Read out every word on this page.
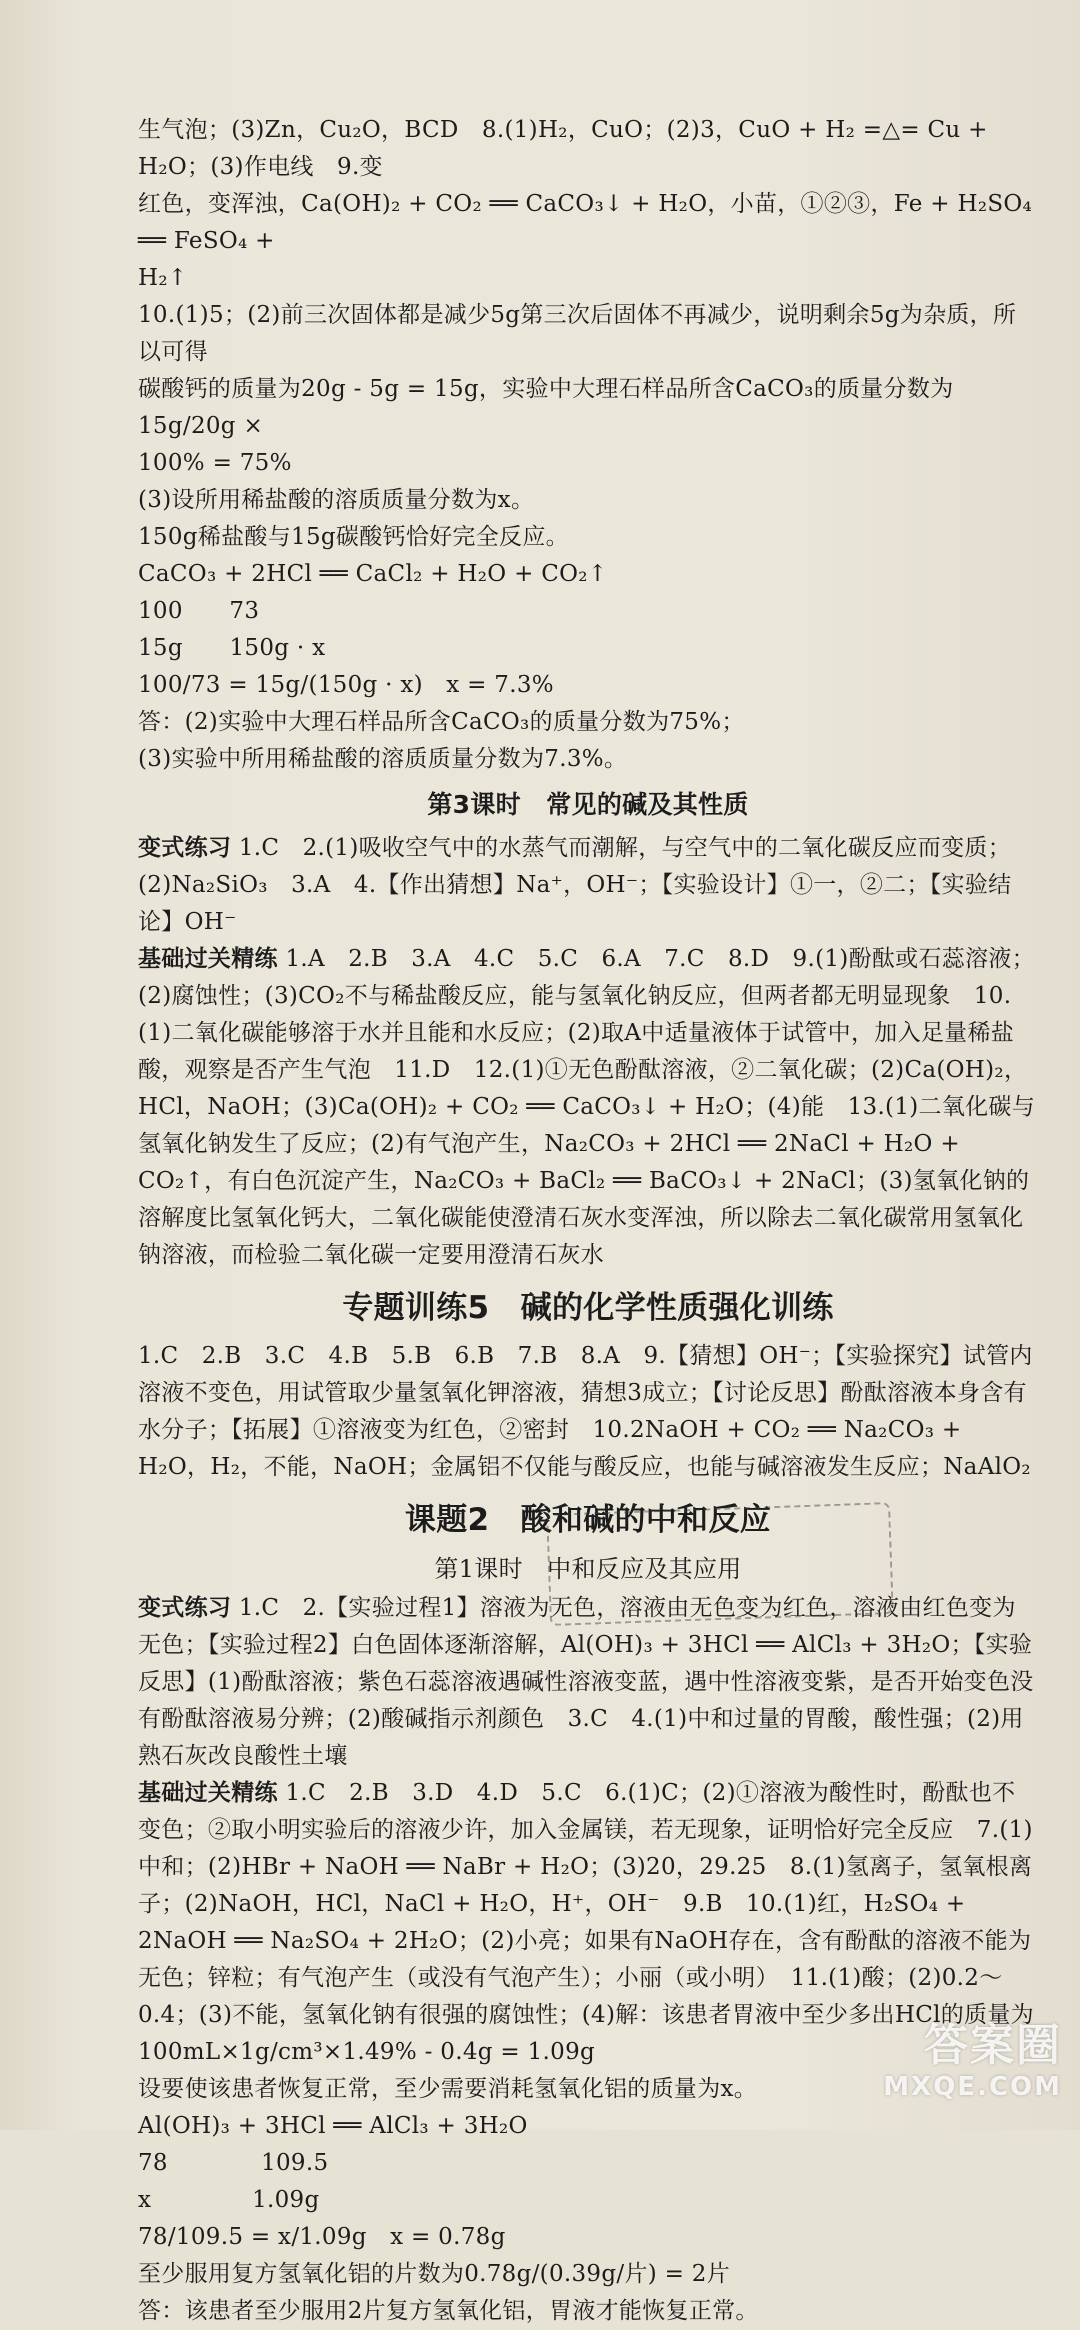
生气泡；(3)Zn，Cu₂O，BCD　8.(1)H₂，CuO；(2)3，CuO + H₂ =△= Cu + H₂O；(3)作电线　9.变

红色，变浑浊，Ca(OH)₂ + CO₂ ══ CaCO₃↓ + H₂O，小苗，①②③，Fe + H₂SO₄ ══ FeSO₄ +

H₂↑

10.(1)5；(2)前三次固体都是减少5g第三次后固体不再减少，说明剩余5g为杂质，所以可得

碳酸钙的质量为20g - 5g = 15g，实验中大理石样品所含CaCO₃的质量分数为15g/20g ×

100% = 75%

(3)设所用稀盐酸的溶质质量分数为x。

150g稀盐酸与15g碳酸钙恰好完全反应。

CaCO₃ + 2HCl ══ CaCl₂ + H₂O + CO₂↑

100　　73

15g　　150g · x

100/73 = 15g/(150g · x)　x = 7.3%

答：(2)实验中大理石样品所含CaCO₃的质量分数为75%；

(3)实验中所用稀盐酸的溶质质量分数为7.3%。

第3课时　常见的碱及其性质

变式练习 1.C　2.(1)吸收空气中的水蒸气而潮解，与空气中的二氧化碳反应而变质；(2)Na₂SiO₃　3.A　4.【作出猜想】Na⁺，OH⁻；【实验设计】①一，②二；【实验结论】OH⁻

基础过关精练 1.A　2.B　3.A　4.C　5.C　6.A　7.C　8.D　9.(1)酚酞或石蕊溶液；(2)腐蚀性；(3)CO₂不与稀盐酸反应，能与氢氧化钠反应，但两者都无明显现象　10.(1)二氧化碳能够溶于水并且能和水反应；(2)取A中适量液体于试管中，加入足量稀盐酸，观察是否产生气泡　11.D　12.(1)①无色酚酞溶液，②二氧化碳；(2)Ca(OH)₂，HCl，NaOH；(3)Ca(OH)₂ + CO₂ ══ CaCO₃↓ + H₂O；(4)能　13.(1)二氧化碳与氢氧化钠发生了反应；(2)有气泡产生，Na₂CO₃ + 2HCl ══ 2NaCl + H₂O + CO₂↑，有白色沉淀产生，Na₂CO₃ + BaCl₂ ══ BaCO₃↓ + 2NaCl；(3)氢氧化钠的溶解度比氢氧化钙大，二氧化碳能使澄清石灰水变浑浊，所以除去二氧化碳常用氢氧化钠溶液，而检验二氧化碳一定要用澄清石灰水

专题训练5　碱的化学性质强化训练

1.C　2.B　3.C　4.B　5.B　6.B　7.B　8.A　9.【猜想】OH⁻；【实验探究】试管内溶液不变色，用试管取少量氢氧化钾溶液，猜想3成立；【讨论反思】酚酞溶液本身含有水分子；【拓展】①溶液变为红色，②密封　10.2NaOH + CO₂ ══ Na₂CO₃ + H₂O，H₂，不能，NaOH；金属铝不仅能与酸反应，也能与碱溶液发生反应；NaAlO₂

课题2　酸和碱的中和反应
第1课时　中和反应及其应用

变式练习 1.C　2.【实验过程1】溶液为无色，溶液由无色变为红色，溶液由红色变为无色；【实验过程2】白色固体逐渐溶解，Al(OH)₃ + 3HCl ══ AlCl₃ + 3H₂O；【实验反思】(1)酚酞溶液；紫色石蕊溶液遇碱性溶液变蓝，遇中性溶液变紫，是否开始变色没有酚酞溶液易分辨；(2)酸碱指示剂颜色　3.C　4.(1)中和过量的胃酸，酸性强；(2)用熟石灰改良酸性土壤

基础过关精练 1.C　2.B　3.D　4.D　5.C　6.(1)C；(2)①溶液为酸性时，酚酞也不变色；②取小明实验后的溶液少许，加入金属镁，若无现象，证明恰好完全反应　7.(1)中和；(2)HBr + NaOH ══ NaBr + H₂O；(3)20，29.25　8.(1)氢离子，氢氧根离子；(2)NaOH，HCl，NaCl + H₂O，H⁺，OH⁻　9.B　10.(1)红，H₂SO₄ + 2NaOH ══ Na₂SO₄ + 2H₂O；(2)小亮；如果有NaOH存在，含有酚酞的溶液不能为无色；锌粒；有气泡产生（或没有气泡产生）；小丽（或小明）　11.(1)酸；(2)0.2～0.4；(3)不能，氢氧化钠有很强的腐蚀性；(4)解：该患者胃液中至少多出HCl的质量为100mL×1g/cm³×1.49% - 0.4g = 1.09g

设要使该患者恢复正常，至少需要消耗氢氧化铝的质量为x。

Al(OH)₃ + 3HCl ══ AlCl₃ + 3H₂O

78　　　　109.5

x　　　　 1.09g

78/109.5 = x/1.09g　x = 0.78g

至少服用复方氢氧化铝的片数为0.78g/(0.39g/片) = 2片

答：该患者至少服用2片复方氢氧化铝，胃液才能恢复正常。

答案圈
MXQE.COM
